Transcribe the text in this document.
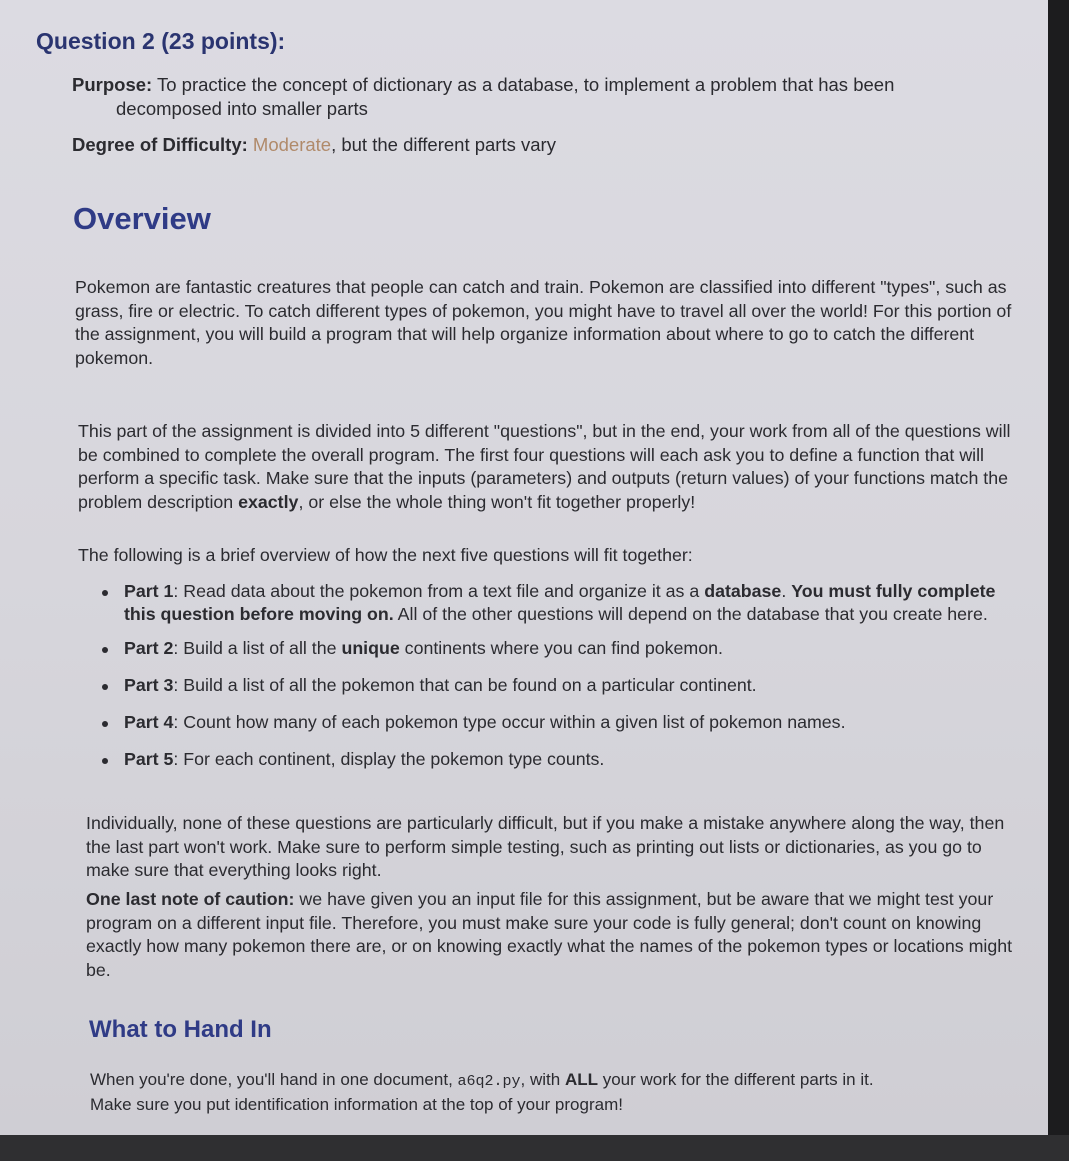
Question 2 (23 points):
Purpose: To practice the concept of dictionary as a database, to implement a problem that has been
decomposed into smaller parts
Degree of Difficulty: Moderate, but the different parts vary
Overview

Pokemon are fantastic creatures that people can catch and train. Pokemon are classified into different "types", such as grass, fire or electric. To catch different types of pokemon, you might have to travel all over the world! For this portion of the assignment, you will build a program that will help organize information about where to go to catch the different pokemon.

This part of the assignment is divided into 5 different "questions", but in the end, your work from all of the questions will be combined to complete the overall program. The first four questions will each ask you to define a function that will perform a specific task. Make sure that the inputs (parameters) and outputs (return values) of your functions match the problem description exactly, or else the whole thing won't fit together properly!

The following is a brief overview of how the next five questions will fit together:

Part 1: Read data about the pokemon from a text file and organize it as a database. You must fully complete this question before moving on. All of the other questions will depend on the database that you create here.
Part 2: Build a list of all the unique continents where you can find pokemon.
Part 3: Build a list of all the pokemon that can be found on a particular continent.
Part 4: Count how many of each pokemon type occur within a given list of pokemon names.
Part 5: For each continent, display the pokemon type counts.

Individually, none of these questions are particularly difficult, but if you make a mistake anywhere along the way, then the last part won't work. Make sure to perform simple testing, such as printing out lists or dictionaries, as you go to make sure that everything looks right.

One last note of caution: we have given you an input file for this assignment, but be aware that we might test your program on a different input file. Therefore, you must make sure your code is fully general; don't count on knowing exactly how many pokemon there are, or on knowing exactly what the names of the pokemon types or locations might be.

What to Hand In

When you're done, you'll hand in one document, a6q2.py, with ALL your work for the different parts in it.
Make sure you put identification information at the top of your program!
